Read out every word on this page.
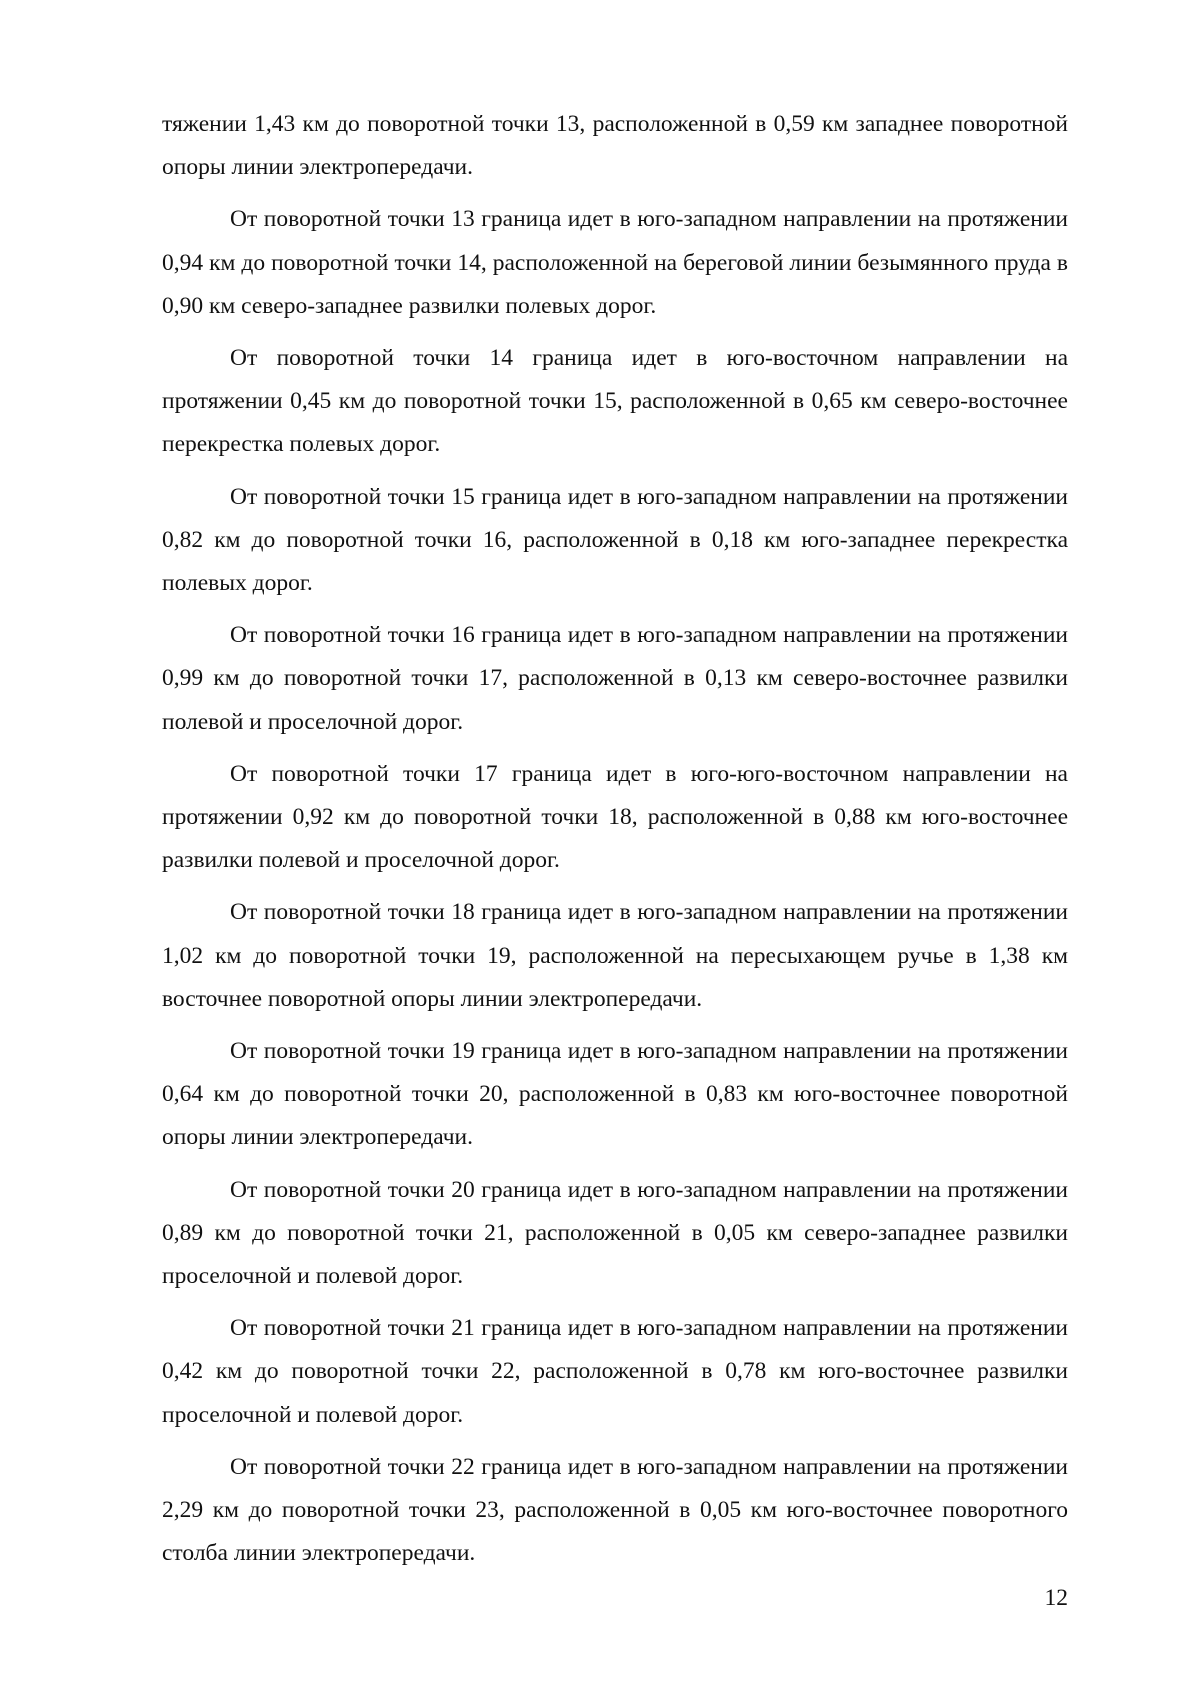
тяжении 1,43 км до поворотной точки 13, расположенной в 0,59 км западнее поворотной опоры линии электропередачи.

От поворотной точки 13 граница идет в юго-западном направлении на протяжении 0,94 км до поворотной точки 14, расположенной на береговой линии безымянного пруда в 0,90 км северо-западнее развилки полевых дорог.

От поворотной точки 14 граница идет в юго-восточном направлении на протяжении 0,45 км до поворотной точки 15, расположенной в 0,65 км северо-восточнее перекрестка полевых дорог.

От поворотной точки 15 граница идет в юго-западном направлении на протяжении 0,82 км до поворотной точки 16, расположенной в 0,18 км юго-западнее перекрестка полевых дорог.

От поворотной точки 16 граница идет в юго-западном направлении на протяжении 0,99 км до поворотной точки 17, расположенной в 0,13 км северо-восточнее развилки полевой и проселочной дорог.

От поворотной точки 17 граница идет в юго-юго-восточном направлении на протяжении 0,92 км до поворотной точки 18, расположенной в 0,88 км юго-восточнее развилки полевой и проселочной дорог.

От поворотной точки 18 граница идет в юго-западном направлении на протяжении 1,02 км до поворотной точки 19, расположенной на пересыхающем ручье в 1,38 км восточнее поворотной опоры линии электропередачи.

От поворотной точки 19 граница идет в юго-западном направлении на протяжении 0,64 км до поворотной точки 20, расположенной в 0,83 км юго-восточнее поворотной опоры линии электропередачи.

От поворотной точки 20 граница идет в юго-западном направлении на протяжении 0,89 км до поворотной точки 21, расположенной в 0,05 км северо-западнее развилки проселочной и полевой дорог.

От поворотной точки 21 граница идет в юго-западном направлении на протяжении 0,42 км до поворотной точки 22, расположенной в 0,78 км юго-восточнее развилки проселочной и полевой дорог.

От поворотной точки 22 граница идет в юго-западном направлении на протяжении 2,29 км до поворотной точки 23, расположенной в 0,05 км юго-восточнее поворотного столба линии электропередачи.

12
